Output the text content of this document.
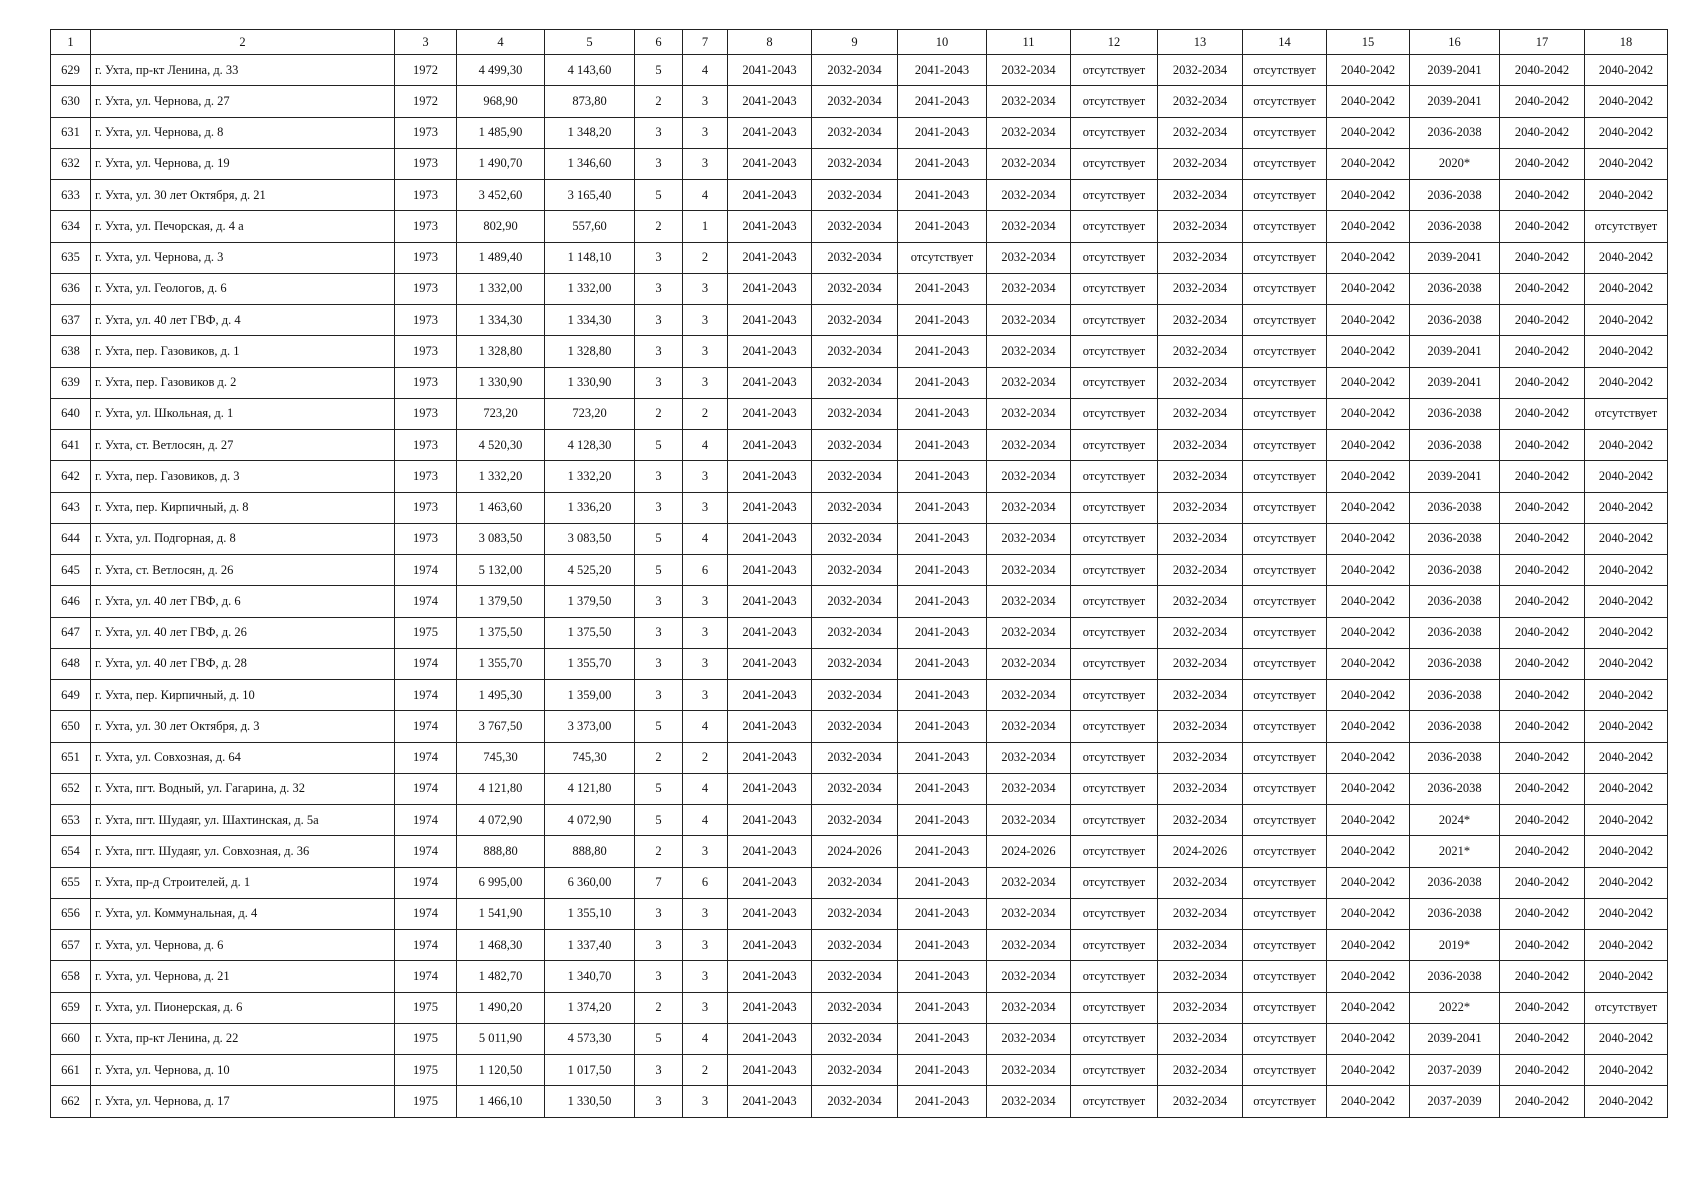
1	2	3	4	5	6	7	8	9	10	11	12	13	14	15	16	17	18
629	г. Ухта, пр-кт Ленина, д. 33	1972	4 499,30	4 143,60	5	4	2041-2043	2032-2034	2041-2043	2032-2034	отсутствует	2032-2034	отсутствует	2040-2042	2039-2041	2040-2042	2040-2042
630	г. Ухта, ул. Чернова, д. 27	1972	968,90	873,80	2	3	2041-2043	2032-2034	2041-2043	2032-2034	отсутствует	2032-2034	отсутствует	2040-2042	2039-2041	2040-2042	2040-2042
631	г. Ухта, ул. Чернова, д. 8	1973	1 485,90	1 348,20	3	3	2041-2043	2032-2034	2041-2043	2032-2034	отсутствует	2032-2034	отсутствует	2040-2042	2036-2038	2040-2042	2040-2042
632	г. Ухта, ул. Чернова, д. 19	1973	1 490,70	1 346,60	3	3	2041-2043	2032-2034	2041-2043	2032-2034	отсутствует	2032-2034	отсутствует	2040-2042	2020*	2040-2042	2040-2042
633	г. Ухта, ул. 30 лет Октября, д. 21	1973	3 452,60	3 165,40	5	4	2041-2043	2032-2034	2041-2043	2032-2034	отсутствует	2032-2034	отсутствует	2040-2042	2036-2038	2040-2042	2040-2042
634	г. Ухта, ул. Печорская, д. 4 а	1973	802,90	557,60	2	1	2041-2043	2032-2034	2041-2043	2032-2034	отсутствует	2032-2034	отсутствует	2040-2042	2036-2038	2040-2042	отсутствует
635	г. Ухта, ул. Чернова, д. 3	1973	1 489,40	1 148,10	3	2	2041-2043	2032-2034	отсутствует	2032-2034	отсутствует	2032-2034	отсутствует	2040-2042	2039-2041	2040-2042	2040-2042
636	г. Ухта, ул. Геологов, д. 6	1973	1 332,00	1 332,00	3	3	2041-2043	2032-2034	2041-2043	2032-2034	отсутствует	2032-2034	отсутствует	2040-2042	2036-2038	2040-2042	2040-2042
637	г. Ухта, ул. 40 лет ГВФ, д. 4	1973	1 334,30	1 334,30	3	3	2041-2043	2032-2034	2041-2043	2032-2034	отсутствует	2032-2034	отсутствует	2040-2042	2036-2038	2040-2042	2040-2042
638	г. Ухта, пер. Газовиков, д. 1	1973	1 328,80	1 328,80	3	3	2041-2043	2032-2034	2041-2043	2032-2034	отсутствует	2032-2034	отсутствует	2040-2042	2039-2041	2040-2042	2040-2042
639	г. Ухта, пер. Газовиков д. 2	1973	1 330,90	1 330,90	3	3	2041-2043	2032-2034	2041-2043	2032-2034	отсутствует	2032-2034	отсутствует	2040-2042	2039-2041	2040-2042	2040-2042
640	г. Ухта, ул. Школьная, д. 1	1973	723,20	723,20	2	2	2041-2043	2032-2034	2041-2043	2032-2034	отсутствует	2032-2034	отсутствует	2040-2042	2036-2038	2040-2042	отсутствует
641	г. Ухта, ст. Ветлосян, д. 27	1973	4 520,30	4 128,30	5	4	2041-2043	2032-2034	2041-2043	2032-2034	отсутствует	2032-2034	отсутствует	2040-2042	2036-2038	2040-2042	2040-2042
642	г. Ухта, пер. Газовиков, д. 3	1973	1 332,20	1 332,20	3	3	2041-2043	2032-2034	2041-2043	2032-2034	отсутствует	2032-2034	отсутствует	2040-2042	2039-2041	2040-2042	2040-2042
643	г. Ухта, пер. Кирпичный, д. 8	1973	1 463,60	1 336,20	3	3	2041-2043	2032-2034	2041-2043	2032-2034	отсутствует	2032-2034	отсутствует	2040-2042	2036-2038	2040-2042	2040-2042
644	г. Ухта, ул. Подгорная, д. 8	1973	3 083,50	3 083,50	5	4	2041-2043	2032-2034	2041-2043	2032-2034	отсутствует	2032-2034	отсутствует	2040-2042	2036-2038	2040-2042	2040-2042
645	г. Ухта, ст. Ветлосян, д. 26	1974	5 132,00	4 525,20	5	6	2041-2043	2032-2034	2041-2043	2032-2034	отсутствует	2032-2034	отсутствует	2040-2042	2036-2038	2040-2042	2040-2042
646	г. Ухта, ул. 40 лет ГВФ, д. 6	1974	1 379,50	1 379,50	3	3	2041-2043	2032-2034	2041-2043	2032-2034	отсутствует	2032-2034	отсутствует	2040-2042	2036-2038	2040-2042	2040-2042
647	г. Ухта, ул. 40 лет ГВФ, д. 26	1975	1 375,50	1 375,50	3	3	2041-2043	2032-2034	2041-2043	2032-2034	отсутствует	2032-2034	отсутствует	2040-2042	2036-2038	2040-2042	2040-2042
648	г. Ухта, ул. 40 лет ГВФ, д. 28	1974	1 355,70	1 355,70	3	3	2041-2043	2032-2034	2041-2043	2032-2034	отсутствует	2032-2034	отсутствует	2040-2042	2036-2038	2040-2042	2040-2042
649	г. Ухта, пер. Кирпичный, д. 10	1974	1 495,30	1 359,00	3	3	2041-2043	2032-2034	2041-2043	2032-2034	отсутствует	2032-2034	отсутствует	2040-2042	2036-2038	2040-2042	2040-2042
650	г. Ухта, ул. 30 лет Октября, д. 3	1974	3 767,50	3 373,00	5	4	2041-2043	2032-2034	2041-2043	2032-2034	отсутствует	2032-2034	отсутствует	2040-2042	2036-2038	2040-2042	2040-2042
651	г. Ухта, ул. Совхозная, д. 64	1974	745,30	745,30	2	2	2041-2043	2032-2034	2041-2043	2032-2034	отсутствует	2032-2034	отсутствует	2040-2042	2036-2038	2040-2042	2040-2042
652	г. Ухта, пгт. Водный, ул. Гагарина, д. 32	1974	4 121,80	4 121,80	5	4	2041-2043	2032-2034	2041-2043	2032-2034	отсутствует	2032-2034	отсутствует	2040-2042	2036-2038	2040-2042	2040-2042
653	г. Ухта, пгт. Шудаяг, ул. Шахтинская, д. 5а	1974	4 072,90	4 072,90	5	4	2041-2043	2032-2034	2041-2043	2032-2034	отсутствует	2032-2034	отсутствует	2040-2042	2024*	2040-2042	2040-2042
654	г. Ухта, пгт. Шудаяг, ул. Совхозная, д. 36	1974	888,80	888,80	2	3	2041-2043	2024-2026	2041-2043	2024-2026	отсутствует	2024-2026	отсутствует	2040-2042	2021*	2040-2042	2040-2042
655	г. Ухта, пр-д Строителей, д. 1	1974	6 995,00	6 360,00	7	6	2041-2043	2032-2034	2041-2043	2032-2034	отсутствует	2032-2034	отсутствует	2040-2042	2036-2038	2040-2042	2040-2042
656	г. Ухта, ул. Коммунальная, д. 4	1974	1 541,90	1 355,10	3	3	2041-2043	2032-2034	2041-2043	2032-2034	отсутствует	2032-2034	отсутствует	2040-2042	2036-2038	2040-2042	2040-2042
657	г. Ухта, ул. Чернова, д. 6	1974	1 468,30	1 337,40	3	3	2041-2043	2032-2034	2041-2043	2032-2034	отсутствует	2032-2034	отсутствует	2040-2042	2019*	2040-2042	2040-2042
658	г. Ухта, ул. Чернова, д. 21	1974	1 482,70	1 340,70	3	3	2041-2043	2032-2034	2041-2043	2032-2034	отсутствует	2032-2034	отсутствует	2040-2042	2036-2038	2040-2042	2040-2042
659	г. Ухта, ул. Пионерская, д. 6	1975	1 490,20	1 374,20	2	3	2041-2043	2032-2034	2041-2043	2032-2034	отсутствует	2032-2034	отсутствует	2040-2042	2022*	2040-2042	отсутствует
660	г. Ухта, пр-кт Ленина, д. 22	1975	5 011,90	4 573,30	5	4	2041-2043	2032-2034	2041-2043	2032-2034	отсутствует	2032-2034	отсутствует	2040-2042	2039-2041	2040-2042	2040-2042
661	г. Ухта, ул. Чернова, д. 10	1975	1 120,50	1 017,50	3	2	2041-2043	2032-2034	2041-2043	2032-2034	отсутствует	2032-2034	отсутствует	2040-2042	2037-2039	2040-2042	2040-2042
662	г. Ухта, ул. Чернова, д. 17	1975	1 466,10	1 330,50	3	3	2041-2043	2032-2034	2041-2043	2032-2034	отсутствует	2032-2034	отсутствует	2040-2042	2037-2039	2040-2042	2040-2042
